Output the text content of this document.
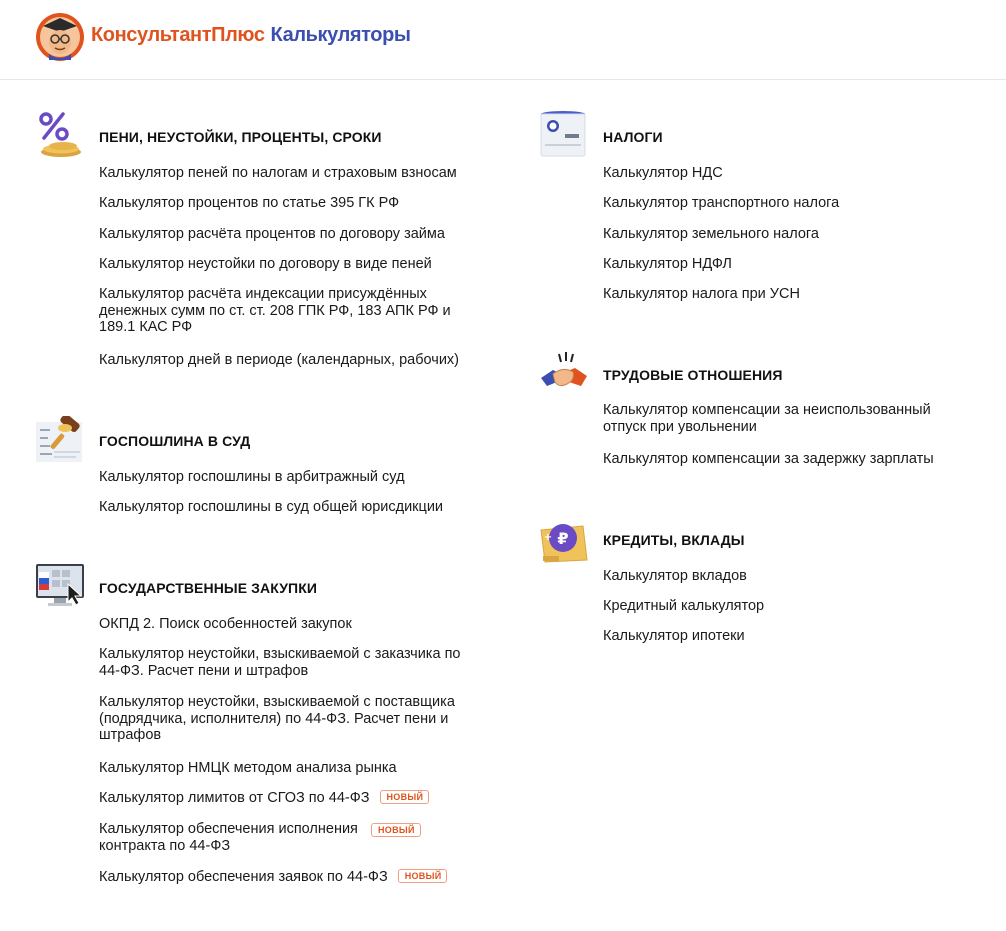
КонсультантПлюс Калькуляторы
ПЕНИ, НЕУСТОЙКИ, ПРОЦЕНТЫ, СРОКИ
Калькулятор пеней по налогам и страховым взносам
Калькулятор процентов по статье 395 ГК РФ
Калькулятор расчёта процентов по договору займа
Калькулятор неустойки по договору в виде пеней
Калькулятор расчёта индексации присуждённых денежных сумм по ст. ст. 208 ГПК РФ, 183 АПК РФ и 189.1 КАС РФ
Калькулятор дней в периоде (календарных, рабочих)
ГОСПОШЛИНА В СУД
Калькулятор госпошлины в арбитражный суд
Калькулятор госпошлины в суд общей юрисдикции
ГОСУДАРСТВЕННЫЕ ЗАКУПКИ
ОКПД 2. Поиск особенностей закупок
Калькулятор неустойки, взыскиваемой с заказчика по 44-ФЗ. Расчет пени и штрафов
Калькулятор неустойки, взыскиваемой с поставщика (подрядчика, исполнителя) по 44-ФЗ. Расчет пени и штрафов
Калькулятор НМЦК методом анализа рынка
Калькулятор лимитов от СГОЗ по 44-ФЗ НОВЫЙ
Калькулятор обеспечения исполнения контракта по 44-ФЗ
НОВЫЙ
Калькулятор обеспечения заявок по 44-ФЗ НОВЫЙ
НАЛОГИ
Калькулятор НДС
Калькулятор транспортного налога
Калькулятор земельного налога
Калькулятор НДФЛ
Калькулятор налога при УСН
ТРУДОВЫЕ ОТНОШЕНИЯ
Калькулятор компенсации за неиспользованный отпуск при увольнении
Калькулятор компенсации за задержку зарплаты
₽
+	КРЕДИТЫ, ВКЛАДЫ
Калькулятор вкладов
Кредитный калькулятор
Калькулятор ипотеки
